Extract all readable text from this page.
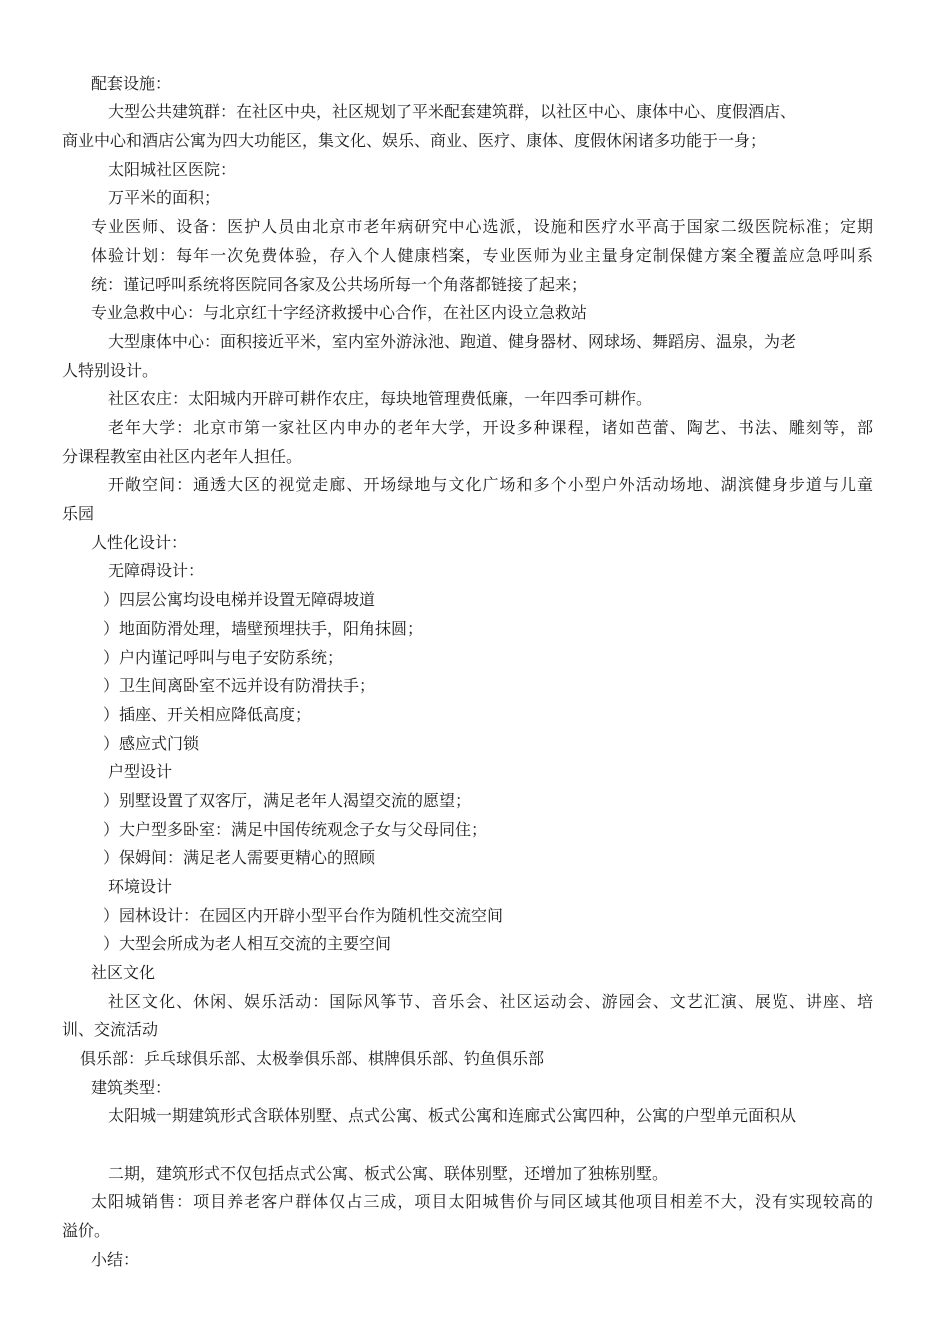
配套设施：
大型公共建筑群：在社区中央，社区规划了平米配套建筑群，以社区中心、康体中心、度假酒店、
商业中心和酒店公寓为四大功能区，集文化、娱乐、商业、医疗、康体、度假休闲诸多功能于一身；
太阳城社区医院：
万平米的面积；
专业医师、设备：医护人员由北京市老年病研究中心选派，设施和医疗水平高于国家二级医院标准；定期
体验计划：每年一次免费体验，存入个人健康档案，专业医师为业主量身定制保健方案全覆盖应急呼叫系
统：谨记呼叫系统将医院同各家及公共场所每一个角落都链接了起来；
专业急救中心：与北京红十字经济救援中心合作，在社区内设立急救站
大型康体中心：面积接近平米，室内室外游泳池、跑道、健身器材、网球场、舞蹈房、温泉，为老
人特别设计。
社区农庄：太阳城内开辟可耕作农庄，每块地管理费低廉，一年四季可耕作。
老年大学：北京市第一家社区内申办的老年大学，开设多种课程，诸如芭蕾、陶艺、书法、雕刻等，部
分课程教室由社区内老年人担任。
开敞空间：通透大区的视觉走廊、开场绿地与文化广场和多个小型户外活动场地、湖滨健身步道与儿童
乐园
人性化设计：
无障碍设计：
）四层公寓均设电梯并设置无障碍坡道
）地面防滑处理，墙壁预埋扶手，阳角抹圆；
）户内谨记呼叫与电子安防系统；
）卫生间离卧室不远并设有防滑扶手；
）插座、开关相应降低高度；
）感应式门锁
户型设计
）别墅设置了双客厅，满足老年人渴望交流的愿望；
）大户型多卧室：满足中国传统观念子女与父母同住；
）保姆间：满足老人需要更精心的照顾
环境设计
）园林设计：在园区内开辟小型平台作为随机性交流空间
）大型会所成为老人相互交流的主要空间
社区文化
社区文化、休闲、娱乐活动：国际风筝节、音乐会、社区运动会、游园会、文艺汇演、展览、讲座、培
训、交流活动
俱乐部：乒乓球俱乐部、太极拳俱乐部、棋牌俱乐部、钓鱼俱乐部
建筑类型：
太阳城一期建筑形式含联体别墅、点式公寓、板式公寓和连廊式公寓四种，公寓的户型单元面积从
二期，建筑形式不仅包括点式公寓、板式公寓、联体别墅，还增加了独栋别墅。
太阳城销售：项目养老客户群体仅占三成，项目太阳城售价与同区域其他项目相差不大，没有实现较高的
溢价。
小结：
